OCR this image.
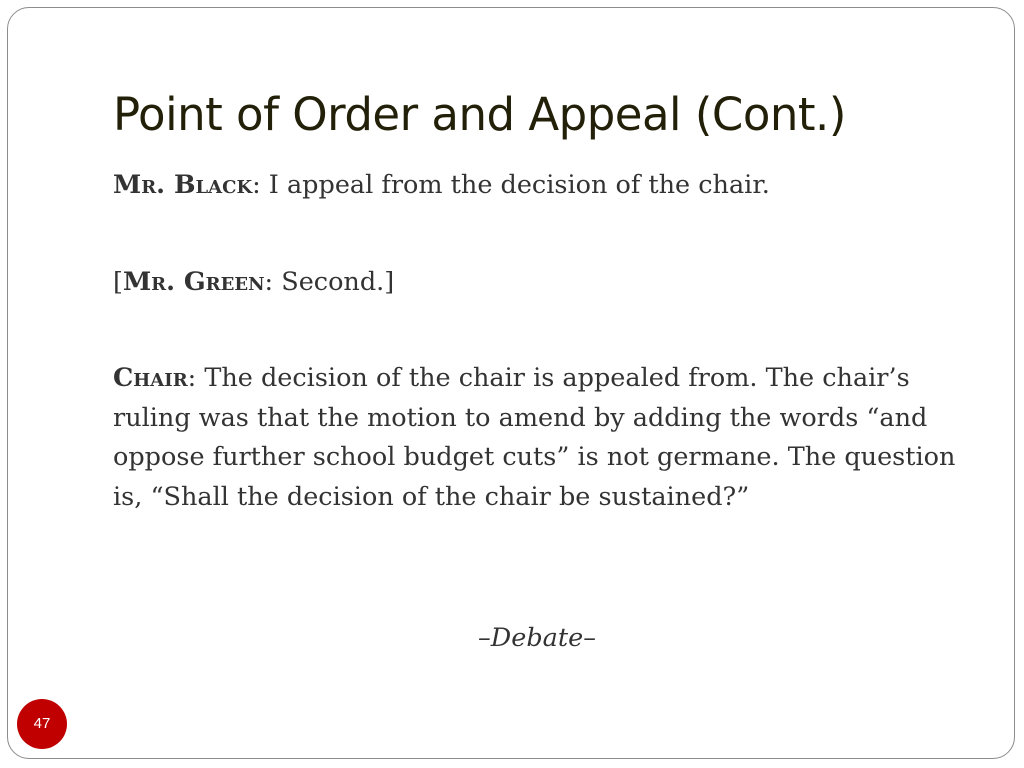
Point of Order and Appeal (Cont.)

Mr. Black: I appeal from the decision of the chair.

[Mr. Green: Second.]

Chair: The decision of the chair is appealed from. The chair’s ruling was that the motion to amend by adding the words “and oppose further school budget cuts” is not germane. The question is, “Shall the decision of the chair be sustained?”

–Debate–
47
